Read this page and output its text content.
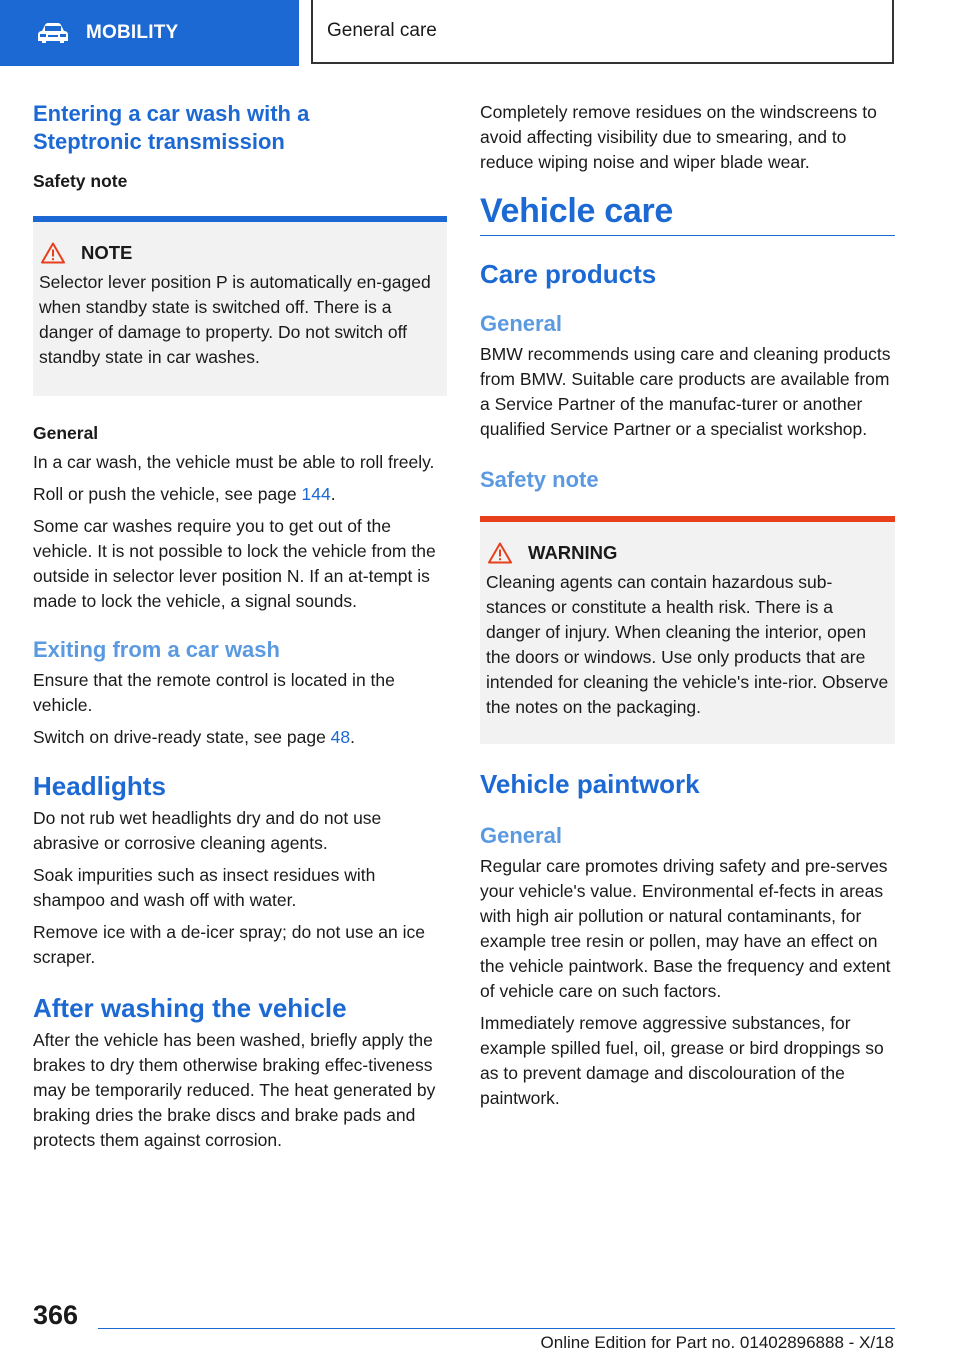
MOBILITY	General care
Entering a car wash with a Steptronic transmission
Safety note
NOTE

Selector lever position P is automatically en-gaged when standby state is switched off. There is a danger of damage to property. Do not switch off standby state in car washes.

General

In a car wash, the vehicle must be able to roll freely.

Roll or push the vehicle, see page 144.

Some car washes require you to get out of the vehicle. It is not possible to lock the vehicle from the outside in selector lever position N. If an at-tempt is made to lock the vehicle, a signal sounds.

Exiting from a car wash

Ensure that the remote control is located in the vehicle.

Switch on drive-ready state, see page 48.

Headlights

Do not rub wet headlights dry and do not use abrasive or corrosive cleaning agents.

Soak impurities such as insect residues with shampoo and wash off with water.

Remove ice with a de-icer spray; do not use an ice scraper.

After washing the vehicle

After the vehicle has been washed, briefly apply the brakes to dry them otherwise braking effec-tiveness may be temporarily reduced. The heat generated by braking dries the brake discs and brake pads and protects them against corrosion.

Completely remove residues on the windscreens to avoid affecting visibility due to smearing, and to reduce wiping noise and wiper blade wear.

Vehicle care
Care products
General

BMW recommends using care and cleaning products from BMW. Suitable care products are available from a Service Partner of the manufac-turer or another qualified Service Partner or a specialist workshop.

Safety note
WARNING

Cleaning agents can contain hazardous sub-stances or constitute a health risk. There is a danger of injury. When cleaning the interior, open the doors or windows. Use only products that are intended for cleaning the vehicle's inte-rior. Observe the notes on the packaging.

Vehicle paintwork
General

Regular care promotes driving safety and pre-serves your vehicle's value. Environmental ef-fects in areas with high air pollution or natural contaminants, for example tree resin or pollen, may have an effect on the vehicle paintwork. Base the frequency and extent of vehicle care on such factors.

Immediately remove aggressive substances, for example spilled fuel, oil, grease or bird droppings so as to prevent damage and discolouration of the paintwork.

366
Online Edition for Part no. 01402896888 - X/18
